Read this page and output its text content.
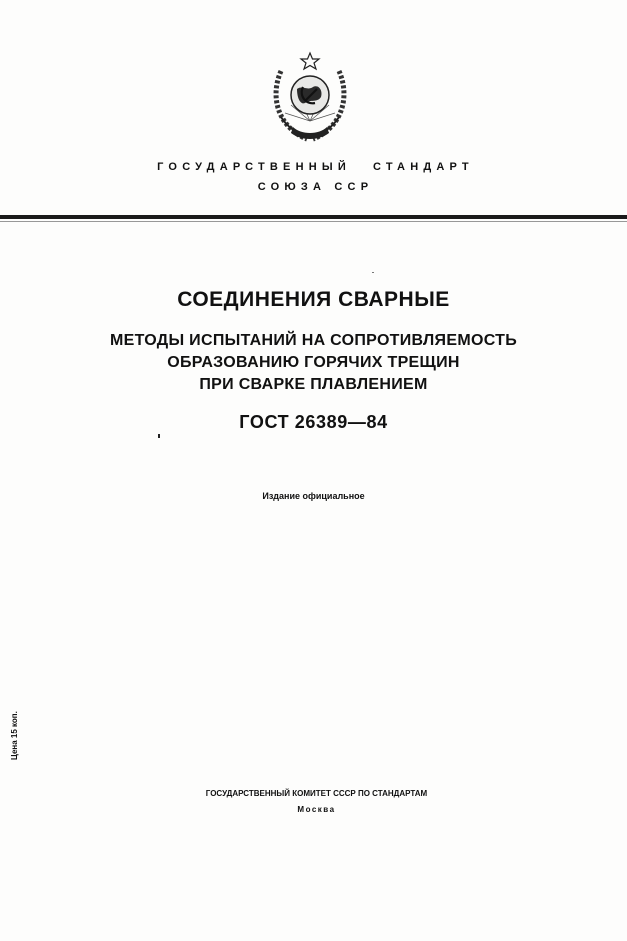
ГОСУДАРСТВЕННЫЙ СТАНДАРТ
СОЮЗА ССР
СОЕДИНЕНИЯ СВАРНЫЕ
МЕТОДЫ ИСПЫТАНИЙ НА СОПРОТИВЛЯЕМОСТЬ
ОБРАЗОВАНИЮ ГОРЯЧИХ ТРЕЩИН
ПРИ СВАРКЕ ПЛАВЛЕНИЕМ
ГОСТ 26389—84
Издание официальное
Цена 15 коп.
ГОСУДАРСТВЕННЫЙ КОМИТЕТ СССР ПО СТАНДАРТАМ
Москва
